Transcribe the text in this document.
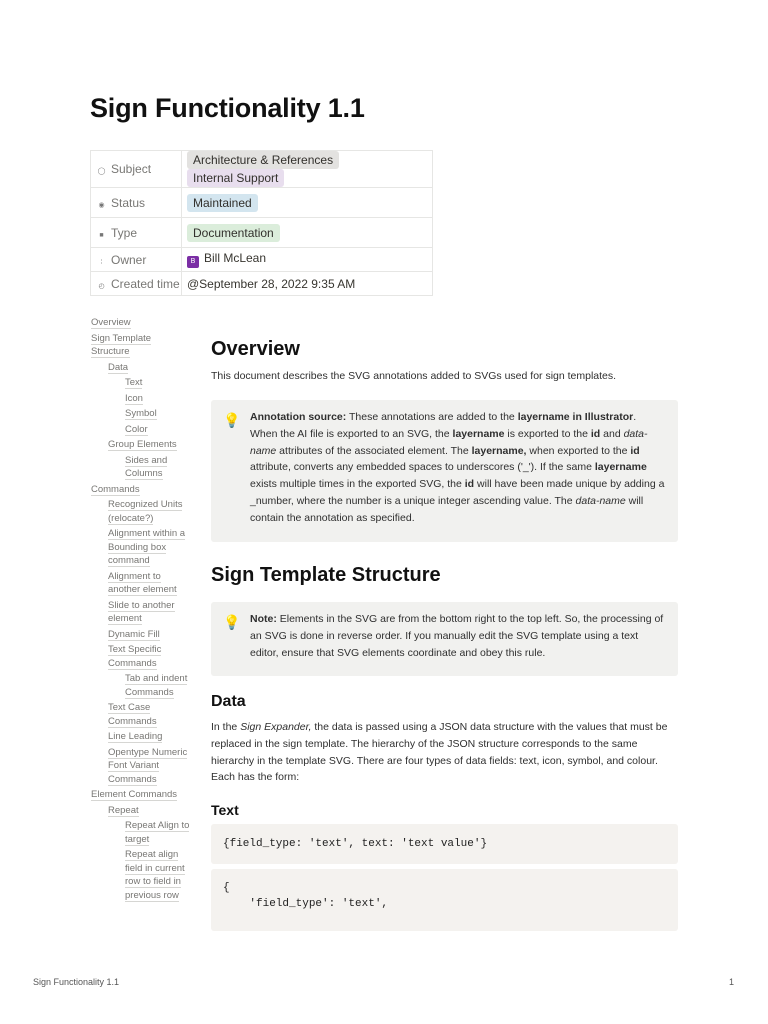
Sign Functionality 1.1
◯ Subject	Architecture & ReferencesInternal Support
◉ Status	Maintained
■ Type	Documentation
∶ Owner	B Bill McLean
◴ Created time	@September 28, 2022 9:35 AM
Overview
Sign Template Structure
Data
Text
Icon
Symbol
Color
Group Elements
Sides and Columns
Commands
Recognized Units (relocate?)
Alignment within a Bounding box command
Alignment to another element
Slide to another element
Dynamic Fill
Text Specific Commands
Tab and indent Commands
Text Case Commands
Line Leading
Opentype Numeric Font Variant Commands
Element Commands
Repeat
Repeat Align to target
Repeat align field in current row to field in previous row
Overview
This document describes the SVG annotations added to SVGs used for sign templates.
💡 Annotation source: These annotations are added to the layername in Illustrator. When the AI file is exported to an SVG, the layername is exported to the id and data-name attributes of the associated element. The layername, when exported to the id attribute, converts any embedded spaces to underscores ('_'). If the same layername exists multiple times in the exported SVG, the id will have been made unique by adding a _number, where the number is a unique integer ascending value. The data-name will contain the annotation as specified.
Sign Template Structure
💡 Note: Elements in the SVG are from the bottom right to the top left. So, the processing of an SVG is done in reverse order. If you manually edit the SVG template using a text editor, ensure that SVG elements coordinate and obey this rule.
Data
In the Sign Expander, the data is passed using a JSON data structure with the values that must be replaced in the sign template. The hierarchy of the JSON structure corresponds to the same hierarchy in the template SVG. There are four types of data fields: text, icon, symbol, and colour. Each has the form:
Text
{field_type: 'text', text: 'text value'}
{
'field_type': 'text',
Sign Functionality 1.1	1
